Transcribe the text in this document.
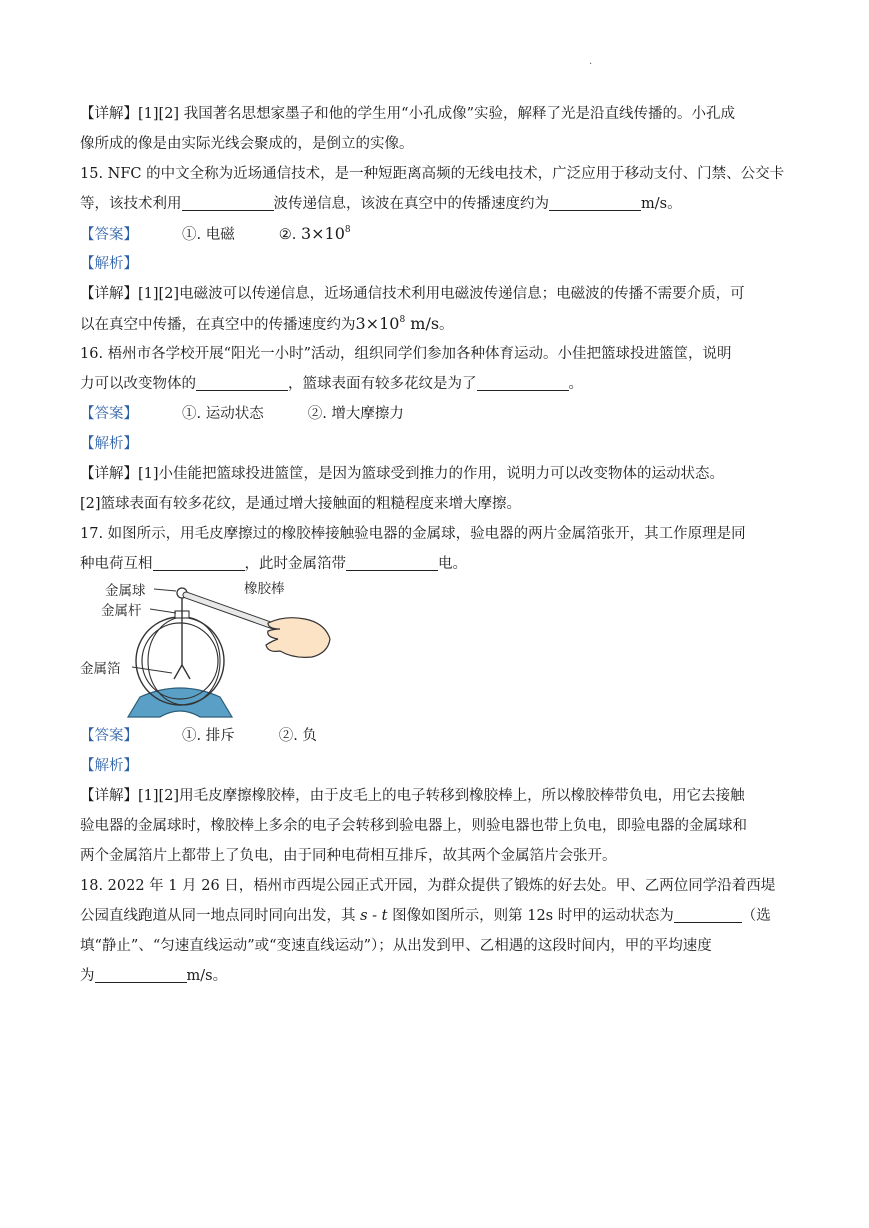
.
【详解】[1][2] 我国著名思想家墨子和他的学生用“小孔成像”实验，解释了光是沿直线传播的。小孔成
像所成的像是由实际光线会聚成的，是倒立的实像。
15. NFC 的中文全称为近场通信技术，是一种短距离高频的无线电技术，广泛应用于移动支付、门禁、公交卡
等，该技术利用	波传递信息，该波在真空中的传播速度约为	m/s。
【答案】	①. 电磁	②. $3\times 10^8$
【解析】
【详解】[1][2]电磁波可以传递信息，近场通信技术利用电磁波传递信息；电磁波的传播不需要介质，可
以在真空中传播，在真空中的传播速度约为$3\times 10^8$ m/s。
16. 梧州市各学校开展“阳光一小时”活动，组织同学们参加各种体育运动。小佳把篮球投进篮筐，说明
力可以改变物体的	，篮球表面有较多花纹是为了	。
【答案】	①. 运动状态	②. 增大摩擦力
【解析】
【详解】[1]小佳能把篮球投进篮筐，是因为篮球受到推力的作用，说明力可以改变物体的运动状态。
[2]篮球表面有较多花纹，是通过增大接触面的粗糙程度来增大摩擦。
17. 如图所示，用毛皮摩擦过的橡胶棒接触验电器的金属球，验电器的两片金属箔张开，其工作原理是同
种电荷互相	，此时金属箔带	电。
金属球
金属杆
金属箔
橡胶棒
【答案】	①. 排斥	②. 负
【解析】
【详解】[1][2]用毛皮摩擦橡胶棒，由于皮毛上的电子转移到橡胶棒上，所以橡胶棒带负电，用它去接触
验电器的金属球时，橡胶棒上多余的电子会转移到验电器上，则验电器也带上负电，即验电器的金属球和
两个金属箔片上都带上了负电，由于同种电荷相互排斥，故其两个金属箔片会张开。
18. 2022 年 1 月 26 日，梧州市西堤公园正式开园，为群众提供了锻炼的好去处。甲、乙两位同学沿着西堤
公园直线跑道从同一地点同时同向出发，其 s - t 图像如图所示，则第 12s 时甲的运动状态为	（选
填“静止”、“匀速直线运动”或“变速直线运动”）；从出发到甲、乙相遇的这段时间内，甲的平均速度
为	m/s。
